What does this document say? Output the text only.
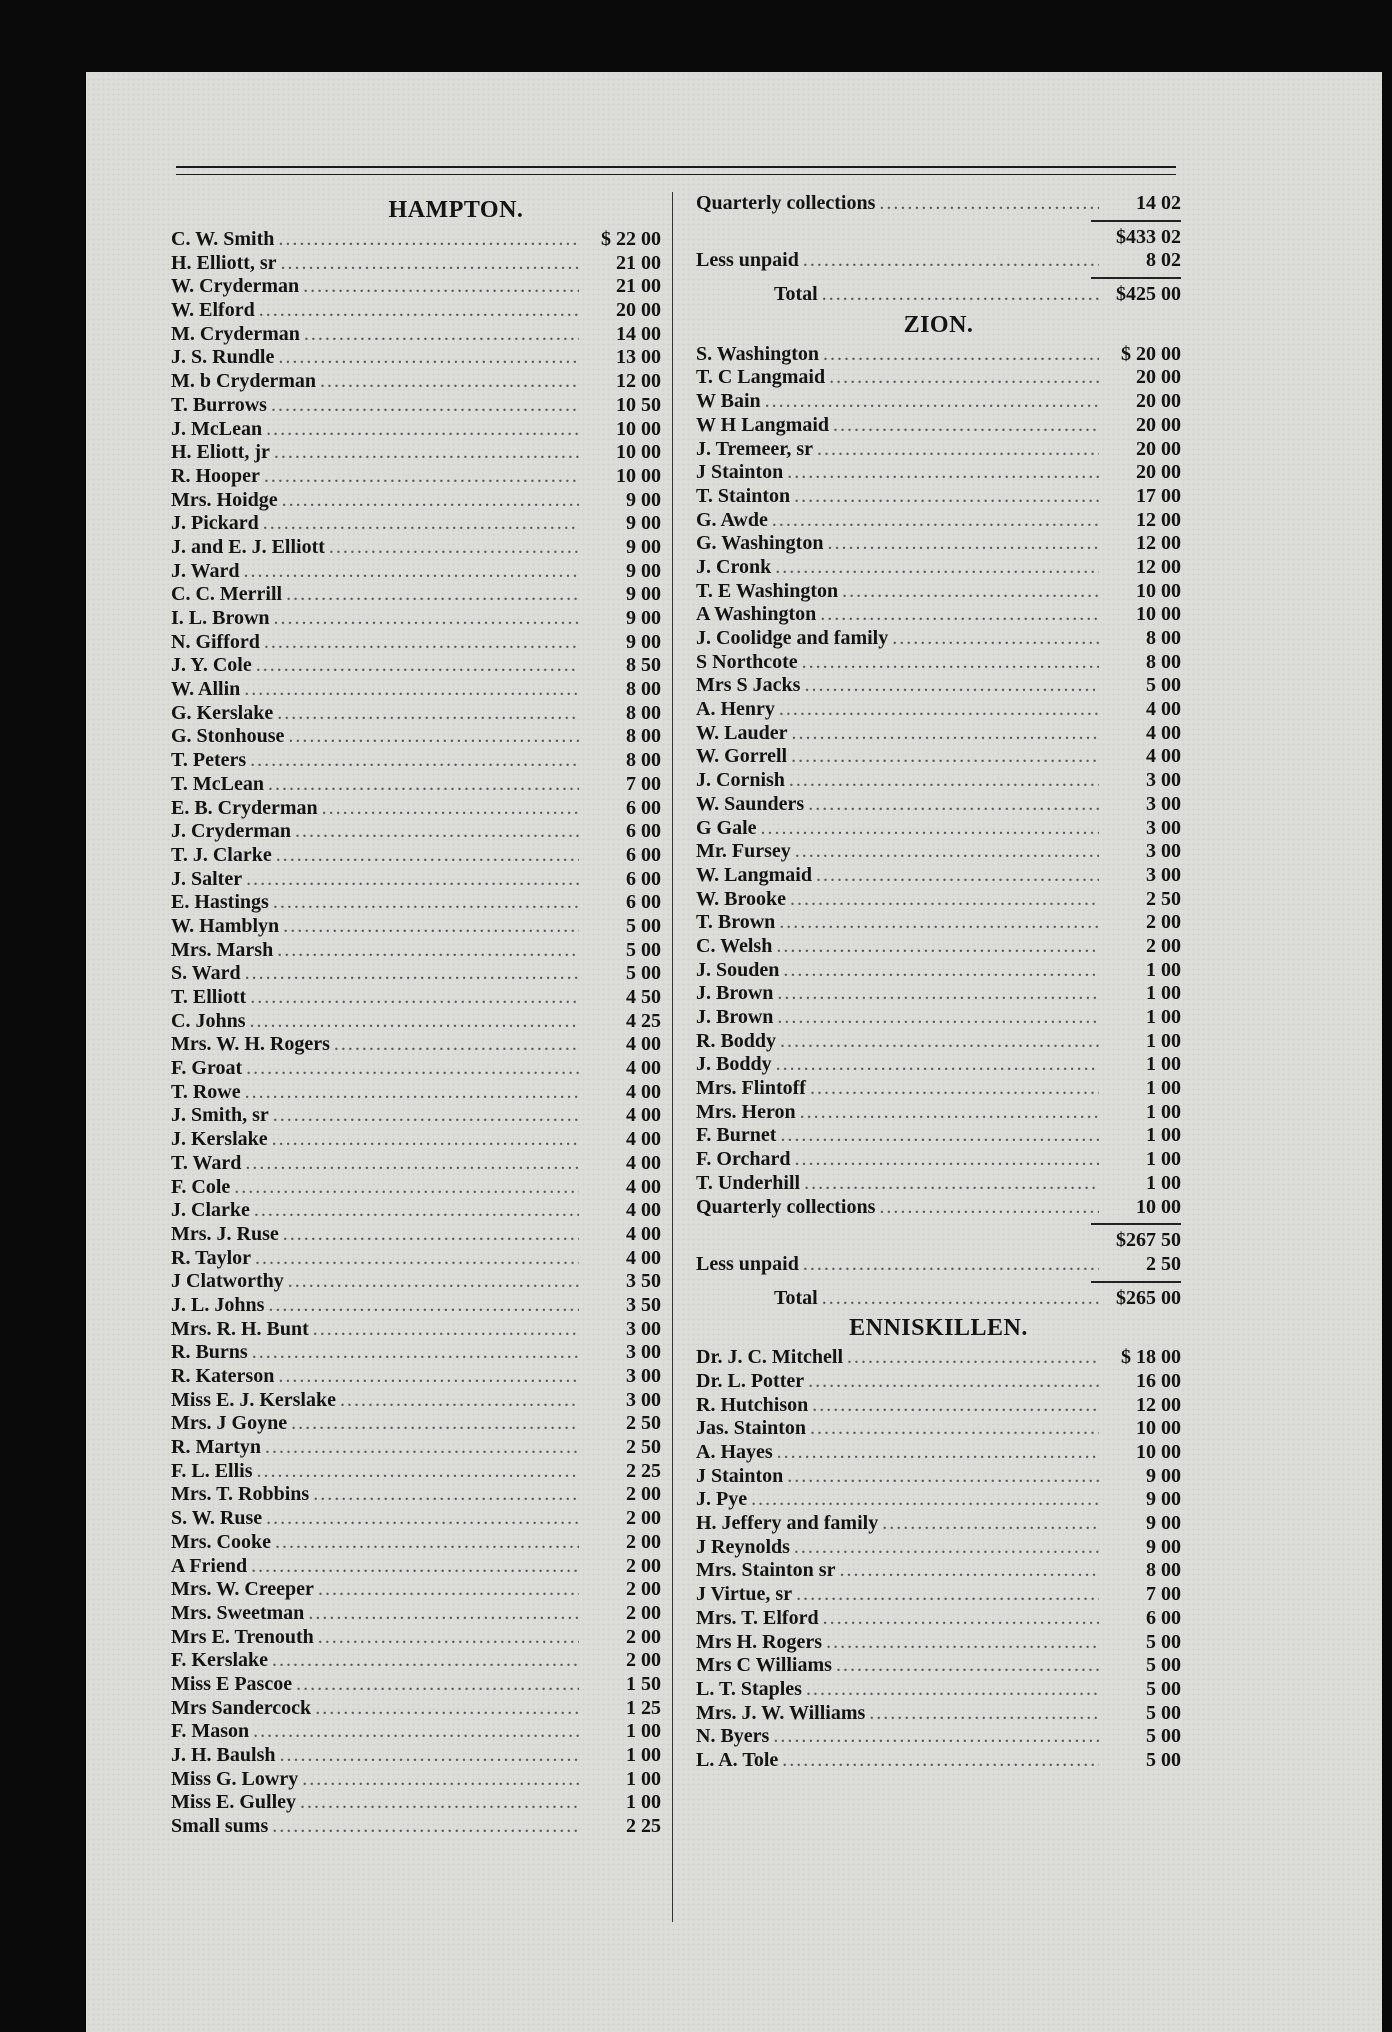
HAMPTON.
C. W. Smith .....	$ 22 00
H. Elliott, sr .....	21 00
W. Cryderman .....	21 00
W. Elford .....	20 00
M. Cryderman .....	14 00
J. S. Rundle .....	13 00
M. b Cryderman .....	12 00
T. Burrows .....	10 50
J. McLean .....	10 00
H. Eliott, jr .....	10 00
R. Hooper .....	10 00
Mrs. Hoidge .....	9 00
J. Pickard .....	9 00
J. and E. J. Elliott .....	9 00
J. Ward .....	9 00
C. C. Merrill .....	9 00
I. L. Brown .....	9 00
N. Gifford .....	9 00
J. Y. Cole .....	8 50
W. Allin .....	8 00
G. Kerslake .....	8 00
G. Stonhouse .....	8 00
T. Peters .....	8 00
T. McLean .....	7 00
E. B. Cryderman .....	6 00
J. Cryderman .....	6 00
T. J. Clarke .....	6 00
J. Salter .....	6 00
E. Hastings .....	6 00
W. Hamblyn .....	5 00
Mrs. Marsh .....	5 00
S. Ward .....	5 00
T. Elliott .....	4 50
C. Johns .....	4 25
Mrs. W. H. Rogers .....	4 00
F. Groat .....	4 00
T. Rowe .....	4 00
J. Smith, sr .....	4 00
J. Kerslake .....	4 00
T. Ward .....	4 00
F. Cole .....	4 00
J. Clarke .....	4 00
Mrs. J. Ruse .....	4 00
R. Taylor .....	4 00
J Clatworthy .....	3 50
J. L. Johns .....	3 50
Mrs. R. H. Bunt .....	3 00
R. Burns .....	3 00
R. Katerson .....	3 00
Miss E. J. Kerslake .....	3 00
Mrs. J Goyne .....	2 50
R. Martyn .....	2 50
F. L. Ellis .....	2 25
Mrs. T. Robbins .....	2 00
S. W. Ruse .....	2 00
Mrs. Cooke .....	2 00
A Friend .....	2 00
Mrs. W. Creeper .....	2 00
Mrs. Sweetman .....	2 00
Mrs E. Trenouth .....	2 00
F. Kerslake .....	2 00
Miss E Pascoe .....	1 50
Mrs Sandercock .....	1 25
F. Mason .....	1 00
J. H. Baulsh .....	1 00
Miss G. Lowry .....	1 00
Miss E. Gulley .....	1 00
Small sums .....	2 25
Quarterly collections .....	14 02
$433 02
Less unpaid .....	8 02
Total .....	$425 00
ZION.
S. Washington .....	$ 20 00
T. C Langmaid .....	20 00
W Bain .....	20 00
W H Langmaid .....	20 00
J. Tremeer, sr .....	20 00
J Stainton .....	20 00
T. Stainton .....	17 00
G. Awde .....	12 00
G. Washington .....	12 00
J. Cronk .....	12 00
T. E Washington .....	10 00
A Washington .....	10 00
J. Coolidge and family .....	8 00
S Northcote .....	8 00
Mrs S Jacks .....	5 00
A. Henry .....	4 00
W. Lauder .....	4 00
W. Gorrell .....	4 00
J. Cornish .....	3 00
W. Saunders .....	3 00
G Gale .....	3 00
Mr. Fursey .....	3 00
W. Langmaid .....	3 00
W. Brooke .....	2 50
T. Brown .....	2 00
C. Welsh .....	2 00
J. Souden .....	1 00
J. Brown .....	1 00
J. Brown .....	1 00
R. Boddy .....	1 00
J. Boddy .....	1 00
Mrs. Flintoff .....	1 00
Mrs. Heron .....	1 00
F. Burnet .....	1 00
F. Orchard .....	1 00
T. Underhill .....	1 00
Quarterly collections .....	10 00
$267 50
Less unpaid .....	2 50
Total .....	$265 00
ENNISKILLEN.
Dr. J. C. Mitchell .....	$ 18 00
Dr. L. Potter .....	16 00
R. Hutchison .....	12 00
Jas. Stainton .....	10 00
A. Hayes .....	10 00
J Stainton .....	9 00
J. Pye .....	9 00
H. Jeffery and family .....	9 00
J Reynolds .....	9 00
Mrs. Stainton sr .....	8 00
J Virtue, sr .....	7 00
Mrs. T. Elford .....	6 00
Mrs H. Rogers .....	5 00
Mrs C Williams .....	5 00
L. T. Staples .....	5 00
Mrs. J. W. Williams .....	5 00
N. Byers .....	5 00
L. A. Tole .....	5 00
